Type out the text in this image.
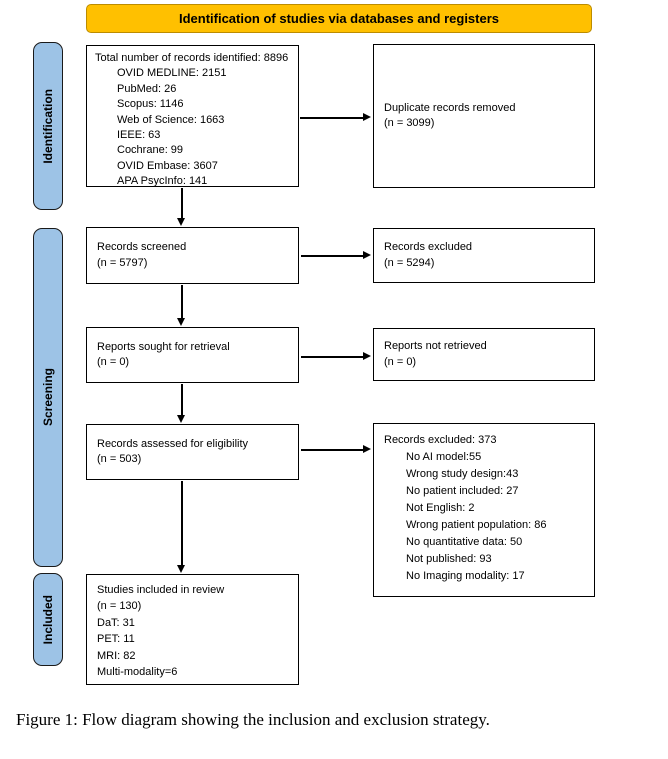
Identification of studies via databases and registers
Identification
Screening
Included
Total number of records identified: 8896
OVID MEDLINE: 2151
PubMed: 26
Scopus: 1146
Web of Science: 1663
IEEE: 63
Cochrane: 99
OVID Embase: 3607
APA PsycInfo: 141
Duplicate records removed
(n = 3099)
Records screened
(n = 5797)
Records excluded
(n = 5294)
Reports sought for retrieval
(n = 0)
Reports not retrieved
(n = 0)
Records assessed for eligibility
(n = 503)
Records excluded: 373
No AI model:55
Wrong study design:43
No patient included: 27
Not English: 2
Wrong patient population: 86
No quantitative data: 50
Not published: 93
No Imaging modality: 17
Studies included in review
(n = 130)
DaT: 31
PET: 11
MRI: 82
Multi-modality=6
Figure 1: Flow diagram showing the inclusion and exclusion strategy.
